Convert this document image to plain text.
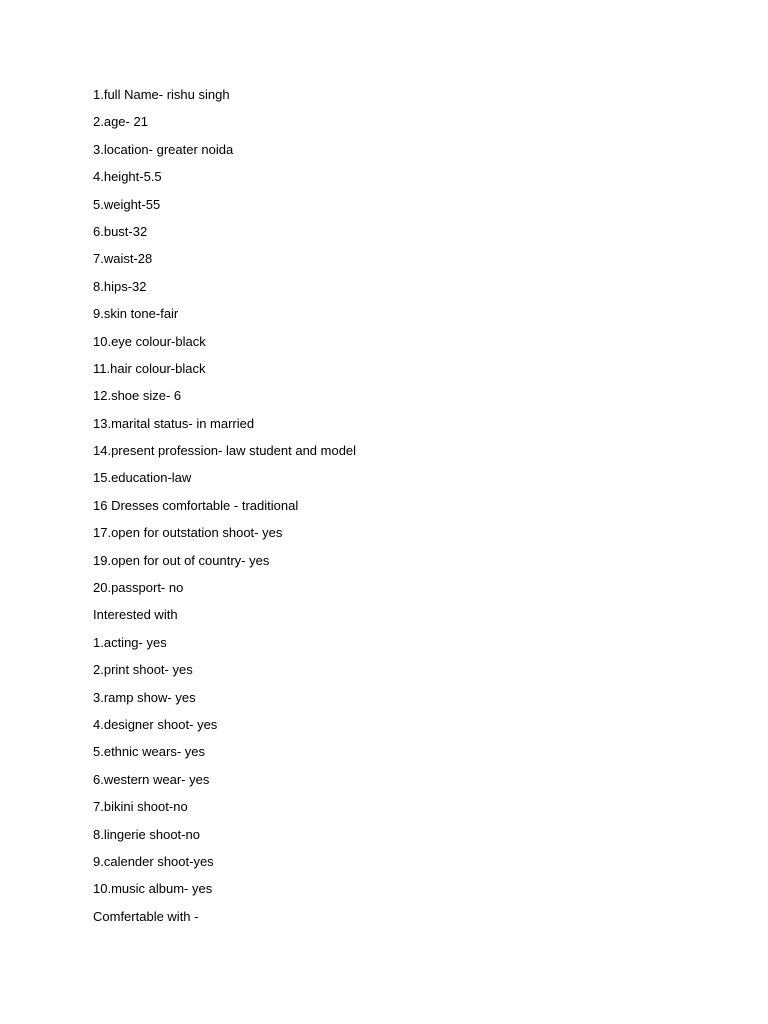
1.full Name- rishu singh
2.age- 21
3.location- greater noida
4.height-5.5
5.weight-55
6.bust-32
7.waist-28
8.hips-32
9.skin tone-fair
10.eye colour-black
11.hair colour-black
12.shoe size- 6
13.marital status- in married
14.present profession- law student and model
15.education-law
16 Dresses comfortable - traditional
17.open for outstation shoot- yes
19.open for out of country- yes
20.passport- no
Interested with
1.acting- yes
2.print shoot- yes
3.ramp show- yes
4.designer shoot- yes
5.ethnic wears- yes
6.western wear- yes
7.bikini shoot-no
8.lingerie shoot-no
9.calender shoot-yes
10.music album- yes
Comfertable with -
